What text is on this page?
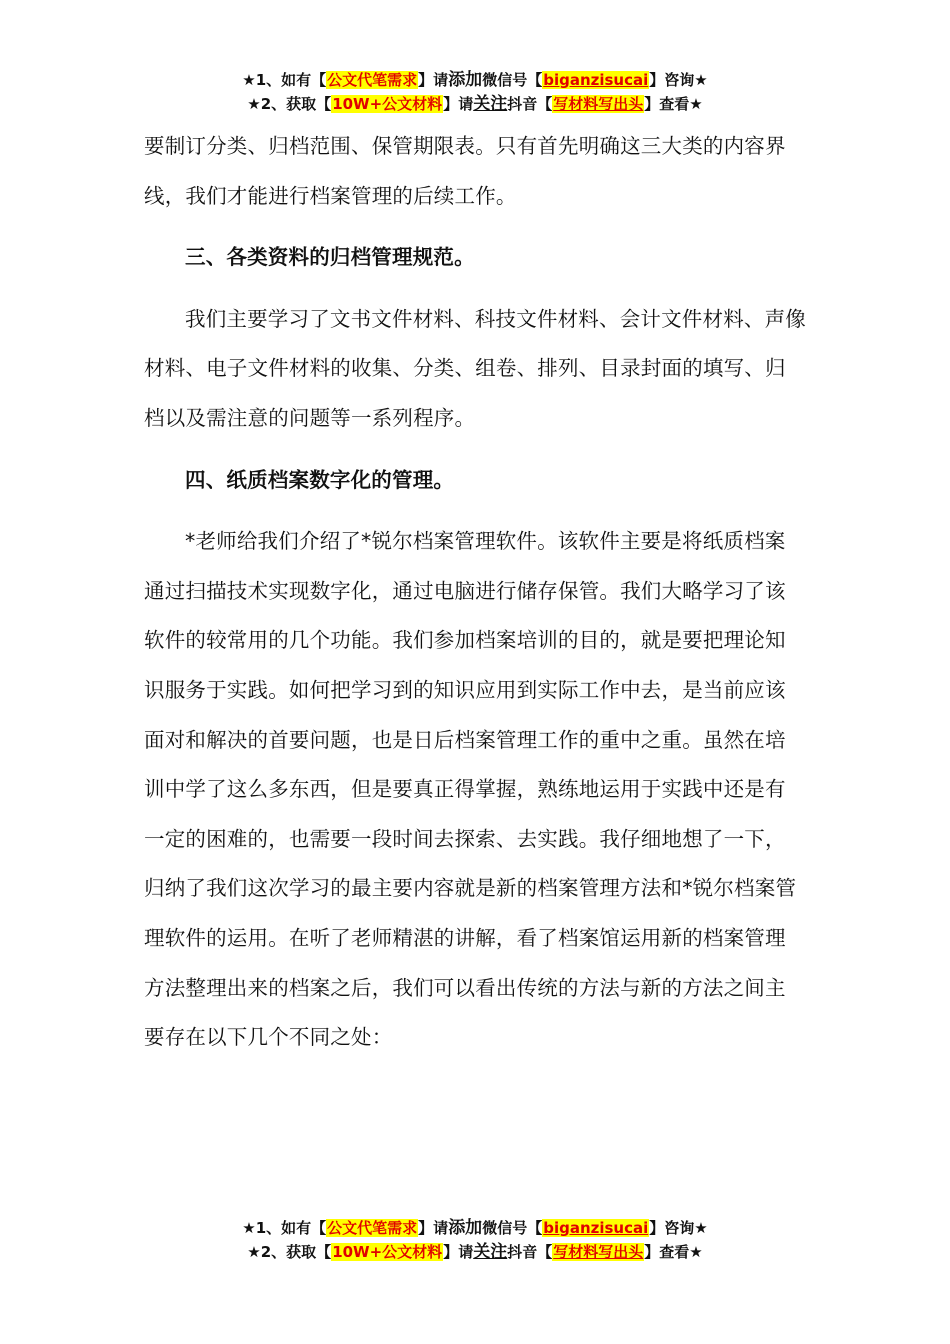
★1、如有【公文代笔需求】请添加微信号【biganzisucai】咨询★
★2、获取【10W+公文材料】请关注抖音【写材料写出头】查看★

要制订分类、归档范围、保管期限表。只有首先明确这三大类的内容界线，我们才能进行档案管理的后续工作。

三、各类资料的归档管理规范。

我们主要学习了文书文件材料、科技文件材料、会计文件材料、声像材料、电子文件材料的收集、分类、组卷、排列、目录封面的填写、归档以及需注意的问题等一系列程序。

四、纸质档案数字化的管理。

*老师给我们介绍了*锐尔档案管理软件。该软件主要是将纸质档案通过扫描技术实现数字化，通过电脑进行储存保管。我们大略学习了该软件的较常用的几个功能。我们参加档案培训的目的，就是要把理论知识服务于实践。如何把学习到的知识应用到实际工作中去，是当前应该面对和解决的首要问题，也是日后档案管理工作的重中之重。虽然在培训中学了这么多东西，但是要真正得掌握，熟练地运用于实践中还是有一定的困难的，也需要一段时间去探索、去实践。我仔细地想了一下，归纳了我们这次学习的最主要内容就是新的档案管理方法和*锐尔档案管理软件的运用。在听了老师精湛的讲解，看了档案馆运用新的档案管理方法整理出来的档案之后，我们可以看出传统的方法与新的方法之间主要存在以下几个不同之处：

★1、如有【公文代笔需求】请添加微信号【biganzisucai】咨询★
★2、获取【10W+公文材料】请关注抖音【写材料写出头】查看★
